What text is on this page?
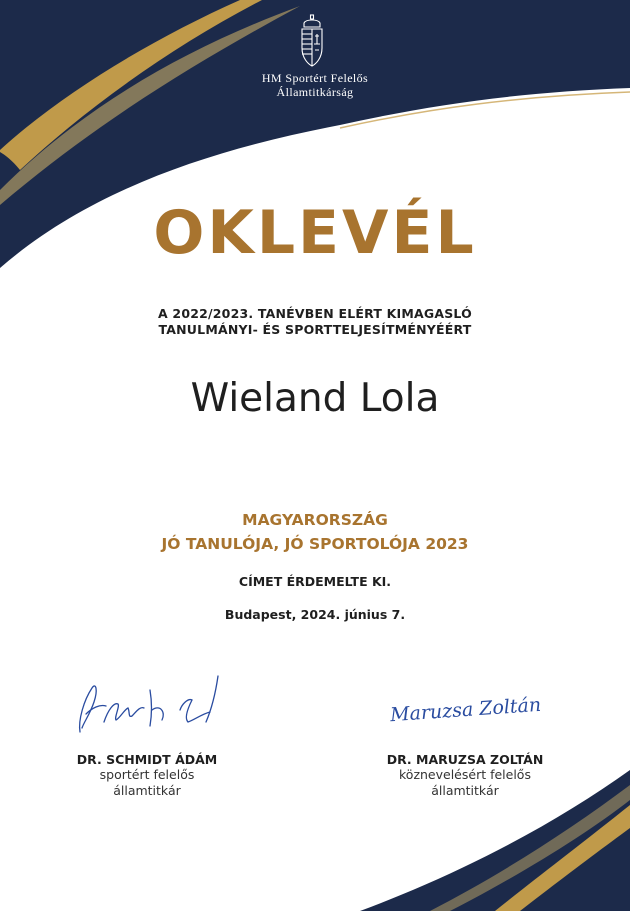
HM Sportért Felelős
Államtitkárság
OKLEVÉL
A 2022/2023. TANÉVBEN ELÉRT KIMAGASLÓ
TANULMÁNYI- ÉS SPORTTELJESÍTMÉNYÉÉRT
Wieland Lola
MAGYARORSZÁG
JÓ TANULÓJA, JÓ SPORTOLÓJA 2023
CÍMET ÉRDEMELTE KI.
Budapest, 2024. június 7.
Maruzsa Zoltán
DR. SCHMIDT ÁDÁM
sportért felelős
államtitkár
DR. MARUZSA ZOLTÁN
köznevelésért felelős
államtitkár
